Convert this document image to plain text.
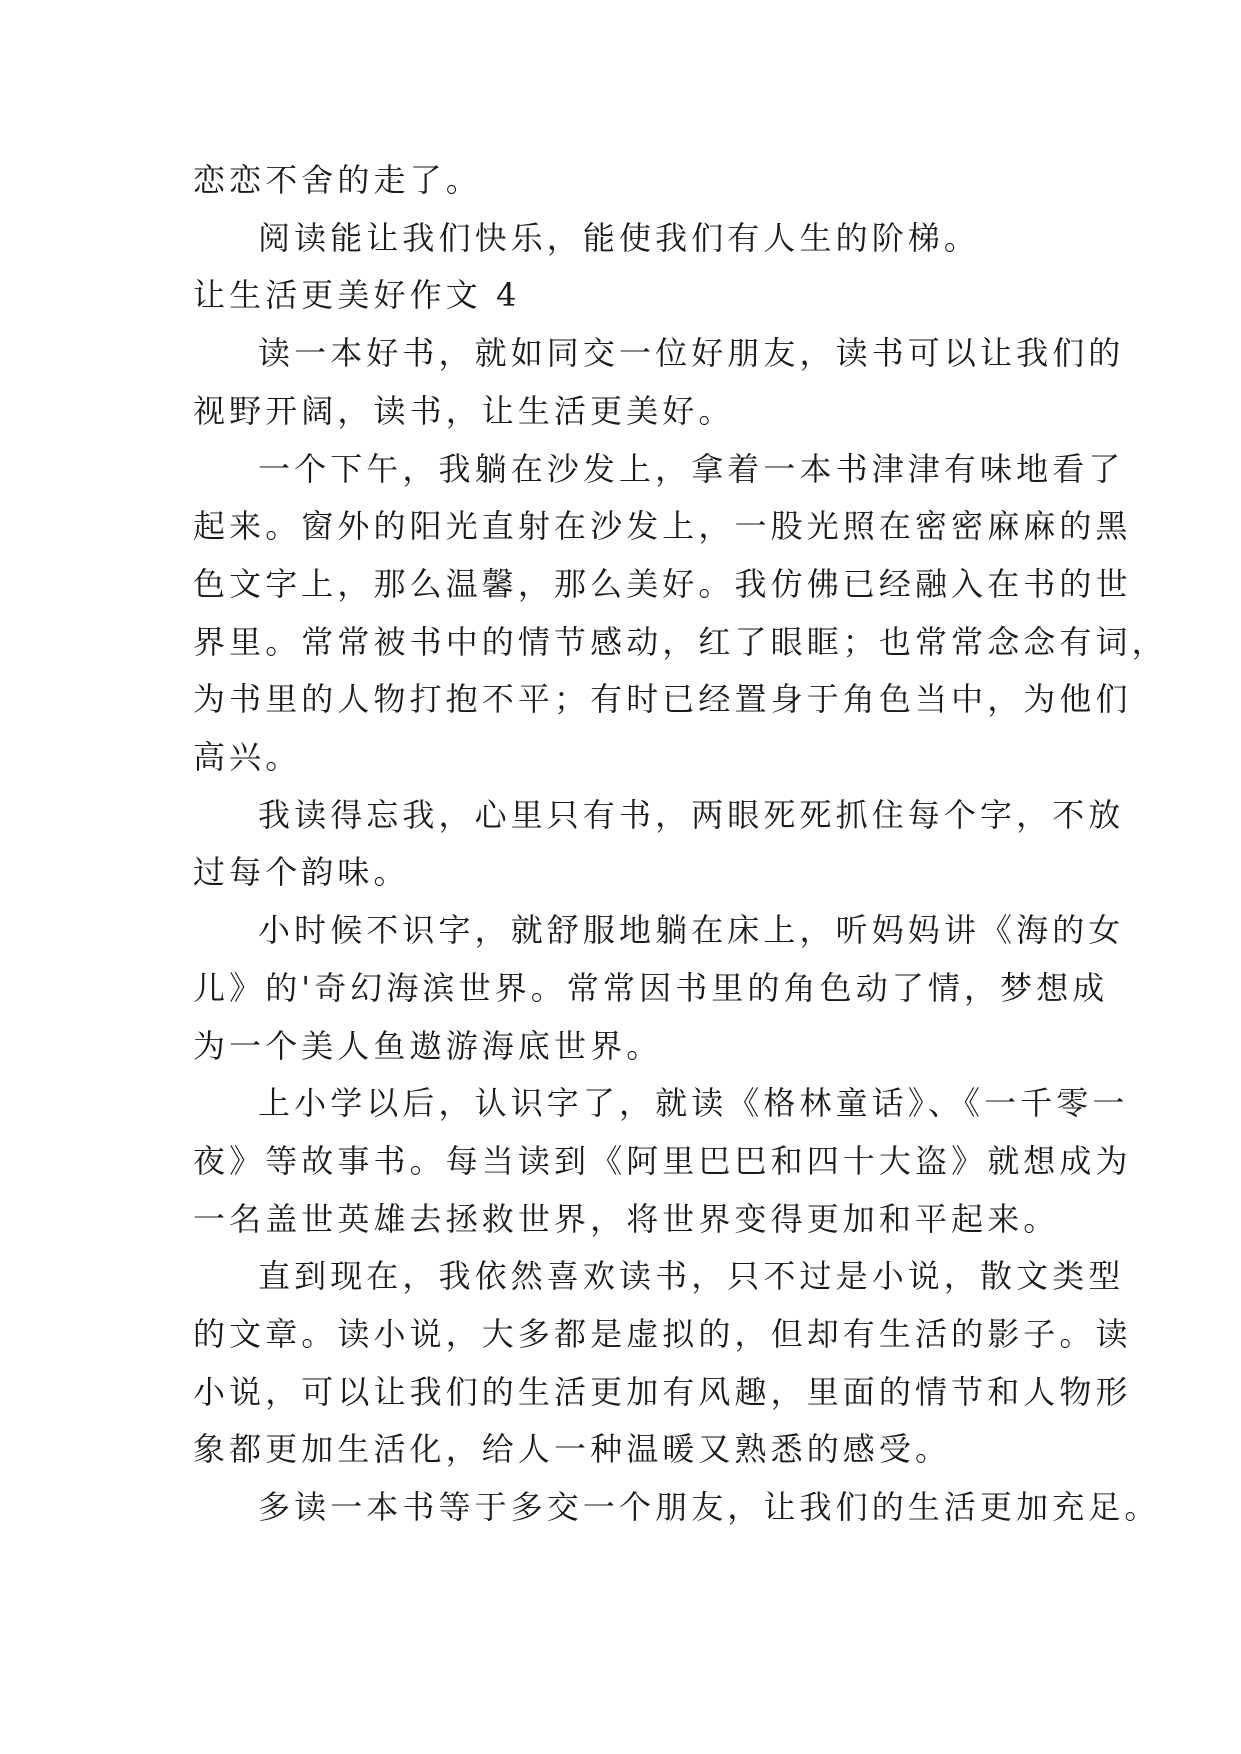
恋恋不舍的走了。

阅读能让我们快乐，能使我们有人生的阶梯。

让生活更美好作文 4

读一本好书，就如同交一位好朋友，读书可以让我们的

视野开阔，读书，让生活更美好。

一个下午，我躺在沙发上，拿着一本书津津有味地看了

起来。窗外的阳光直射在沙发上，一股光照在密密麻麻的黑

色文字上，那么温馨，那么美好。我仿佛已经融入在书的世

界里。常常被书中的情节感动，红了眼眶；也常常念念有词，

为书里的人物打抱不平；有时已经置身于角色当中，为他们

高兴。

我读得忘我，心里只有书，两眼死死抓住每个字，不放

过每个韵味。

小时候不识字，就舒服地躺在床上，听妈妈讲《海的女

儿》的'奇幻海滨世界。常常因书里的角色动了情，梦想成

为一个美人鱼遨游海底世界。

上小学以后，认识字了，就读《格林童话》、《一千零一

夜》等故事书。每当读到《阿里巴巴和四十大盗》就想成为

一名盖世英雄去拯救世界，将世界变得更加和平起来。

直到现在，我依然喜欢读书，只不过是小说，散文类型

的文章。读小说，大多都是虚拟的，但却有生活的影子。读

小说，可以让我们的生活更加有风趣，里面的情节和人物形

象都更加生活化，给人一种温暖又熟悉的感受。

多读一本书等于多交一个朋友，让我们的生活更加充足。
